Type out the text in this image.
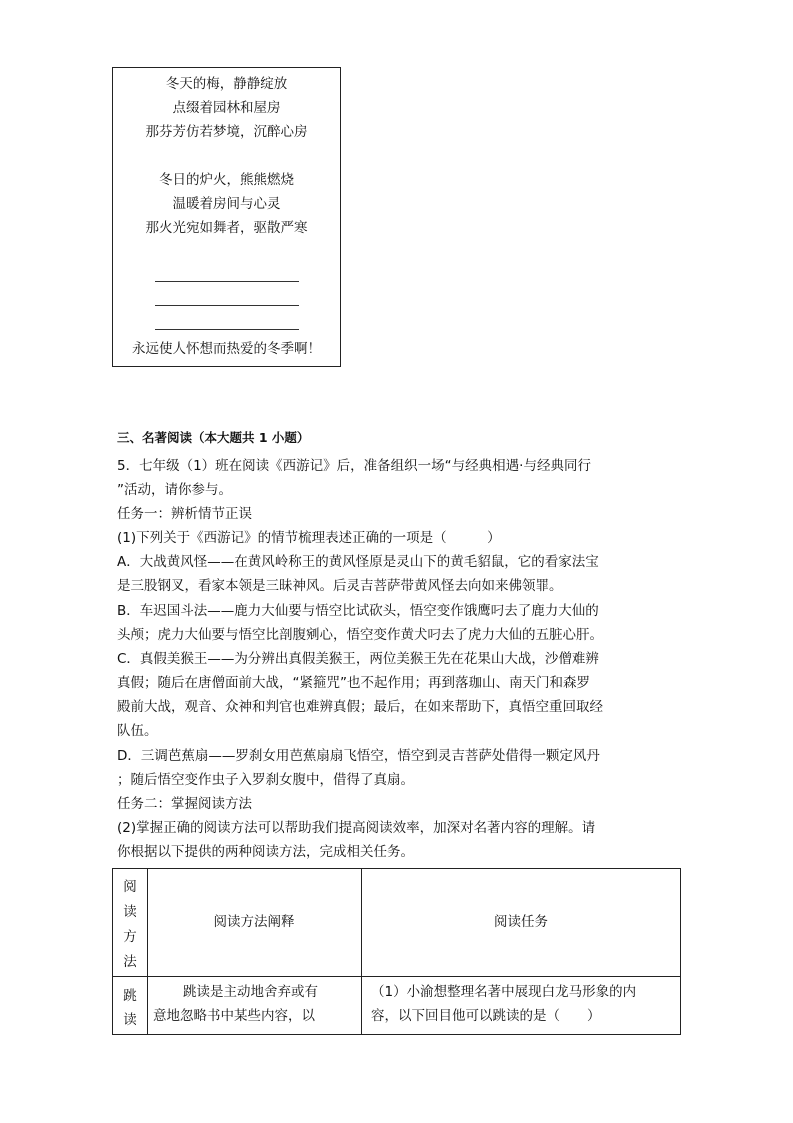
冬天的梅，静静绽放
点缀着园林和屋房
那芬芳仿若梦境，沉醉心房
冬日的炉火，熊熊燃烧
温暖着房间与心灵
那火光宛如舞者，驱散严寒
永远使人怀想而热爱的冬季啊！
三、名著阅读（本大题共 1 小题）
5．七年级（1）班在阅读《西游记》后，准备组织一场“与经典相遇·与经典同行
”活动，请你参与。
任务一：辨析情节正误
(1)下列关于《西游记》的情节梳理表述正确的一项是（　　　）
A．大战黄风怪——在黄风岭称王的黄风怪原是灵山下的黄毛貂鼠，它的看家法宝
是三股钢叉，看家本领是三昧神风。后灵吉菩萨带黄风怪去向如来佛领罪。
B．车迟国斗法——鹿力大仙要与悟空比试砍头，悟空变作饿鹰叼去了鹿力大仙的
头颅；虎力大仙要与悟空比剖腹剜心，悟空变作黄犬叼去了虎力大仙的五脏心肝。
C．真假美猴王——为分辨出真假美猴王，两位美猴王先在花果山大战，沙僧难辨
真假；随后在唐僧面前大战，“紧箍咒”也不起作用；再到落珈山、南天门和森罗
殿前大战，观音、众神和判官也难辨真假；最后，在如来帮助下，真悟空重回取经
队伍。
D．三调芭蕉扇——罗刹女用芭蕉扇扇飞悟空，悟空到灵吉菩萨处借得一颗定风丹
；随后悟空变作虫子入罗刹女腹中，借得了真扇。
任务二：掌握阅读方法
(2)掌握正确的阅读方法可以帮助我们提高阅读效率，加深对名著内容的理解。请
你根据以下提供的两种阅读方法，完成相关任务。
阅
读
方
法
阅读方法阐释	阅读任务
跳
读
跳读是主动地舍弃或有
意地忽略书中某些内容，以
（1）小渝想整理名著中展现白龙马形象的内
容，以下回目他可以跳读的是（　　）
